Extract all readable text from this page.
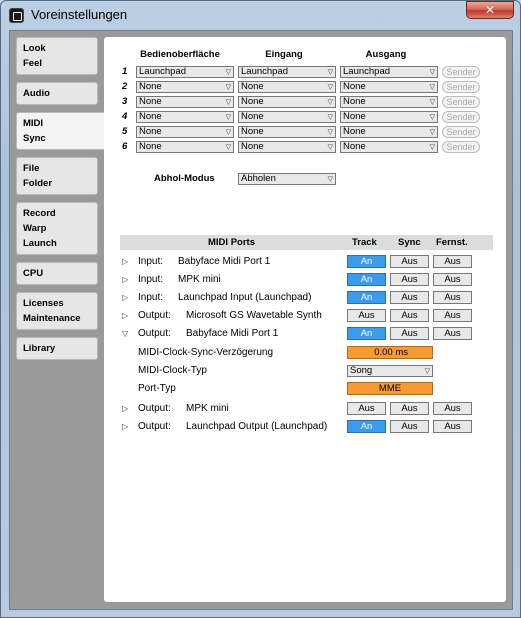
Voreinstellungen	✕
Look
Feel
Audio
MIDI
Sync
File
Folder
Record
Warp
Launch
CPU
Licenses
Maintenance
Library
Bedienoberfläche	Eingang	Ausgang
1	Launchpad	▽	Launchpad	▽	Launchpad	▽	Sender
2	None	▽	None	▽	None	▽	Sender
3	None	▽	None	▽	None	▽	Sender
4	None	▽	None	▽	None	▽	Sender
5	None	▽	None	▽	None	▽	Sender
6	None	▽	None	▽	None	▽	Sender
Abhol-Modus	Abholen	▽
MIDI Ports	Track Sync Fernst.
▷ Input: Babyface Midi Port 1	An	Aus	Aus
▷ Input: MPK mini	An	Aus	Aus
▷ Input: Launchpad Input (Launchpad)	An	Aus	Aus
▷ Output: Microsoft GS Wavetable Synth	Aus	Aus	Aus
▽ Output: Babyface Midi Port 1	An	Aus	Aus
MIDI-Clock-Sync-Verzögerung	0.00 ms
MIDI-Clock-Typ	Song	▽
Port-Typ	MME
▷ Output: MPK mini	Aus	Aus	Aus
▷ Output: Launchpad Output (Launchpad)	An	Aus	Aus
